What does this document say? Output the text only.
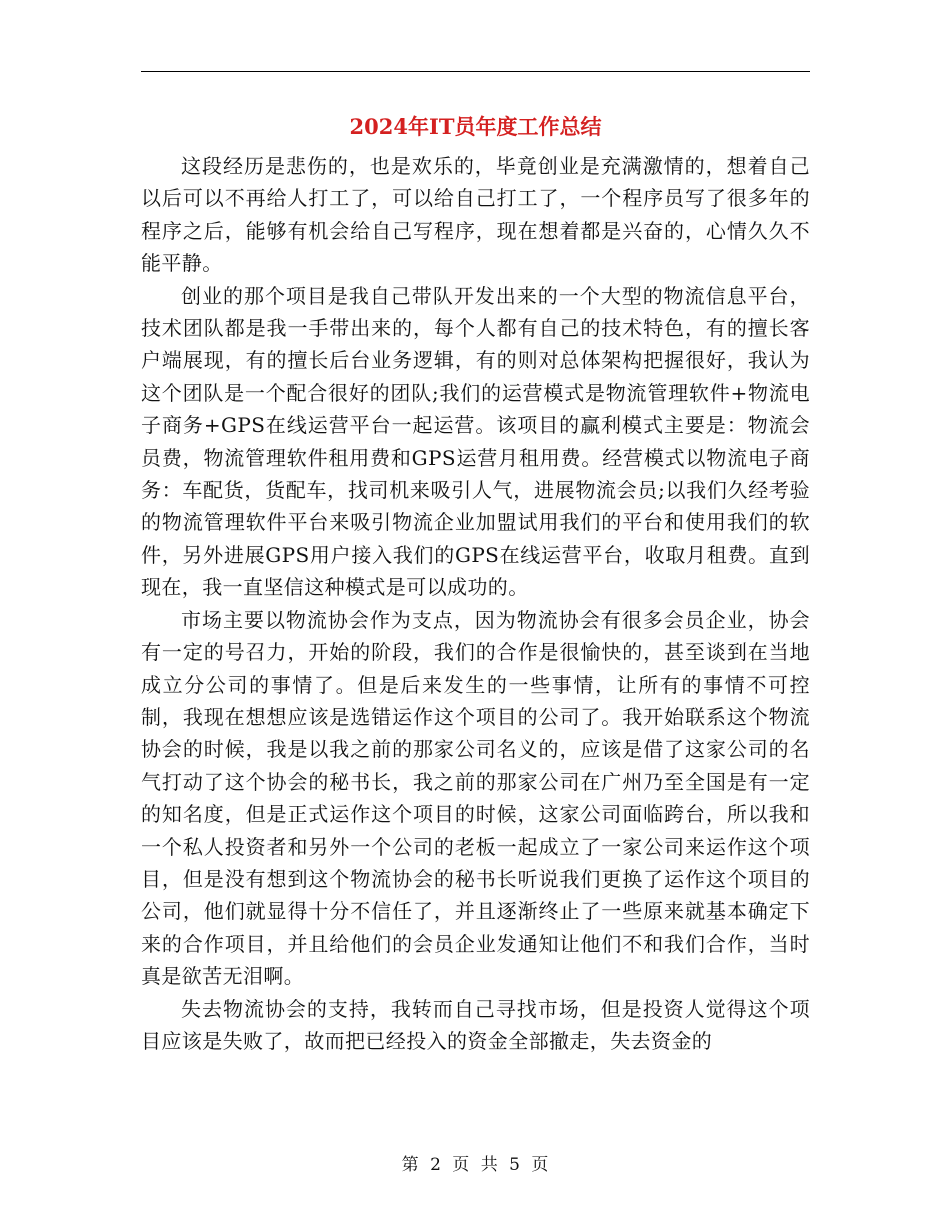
2024年IT员年度工作总结

这段经历是悲伤的，也是欢乐的，毕竟创业是充满激情的，想着自己以后可以不再给人打工了，可以给自己打工了，一个程序员写了很多年的程序之后，能够有机会给自己写程序，现在想着都是兴奋的，心情久久不能平静。

创业的那个项目是我自己带队开发出来的一个大型的物流信息平台，技术团队都是我一手带出来的，每个人都有自己的技术特色，有的擅长客户端展现，有的擅长后台业务逻辑，有的则对总体架构把握很好，我认为这个团队是一个配合很好的团队;我们的运营模式是物流管理软件+物流电子商务+GPS在线运营平台一起运营。该项目的赢利模式主要是：物流会员费，物流管理软件租用费和GPS运营月租用费。经营模式以物流电子商务：车配货，货配车，找司机来吸引人气，进展物流会员;以我们久经考验的物流管理软件平台来吸引物流企业加盟试用我们的平台和使用我们的软件，另外进展GPS用户接入我们的GPS在线运营平台，收取月租费。直到现在，我一直坚信这种模式是可以成功的。

市场主要以物流协会作为支点，因为物流协会有很多会员企业，协会有一定的号召力，开始的阶段，我们的合作是很愉快的，甚至谈到在当地成立分公司的事情了。但是后来发生的一些事情，让所有的事情不可控制，我现在想想应该是选错运作这个项目的公司了。我开始联系这个物流协会的时候，我是以我之前的那家公司名义的，应该是借了这家公司的名气打动了这个协会的秘书长，我之前的那家公司在广州乃至全国是有一定的知名度，但是正式运作这个项目的时候，这家公司面临跨台，所以我和一个私人投资者和另外一个公司的老板一起成立了一家公司来运作这个项目，但是没有想到这个物流协会的秘书长听说我们更换了运作这个项目的公司，他们就显得十分不信任了，并且逐渐终止了一些原来就基本确定下来的合作项目，并且给他们的会员企业发通知让他们不和我们合作，当时真是欲苦无泪啊。

失去物流协会的支持，我转而自己寻找市场，但是投资人觉得这个项目应该是失败了，故而把已经投入的资金全部撤走，失去资金的

第 2 页 共 5 页
